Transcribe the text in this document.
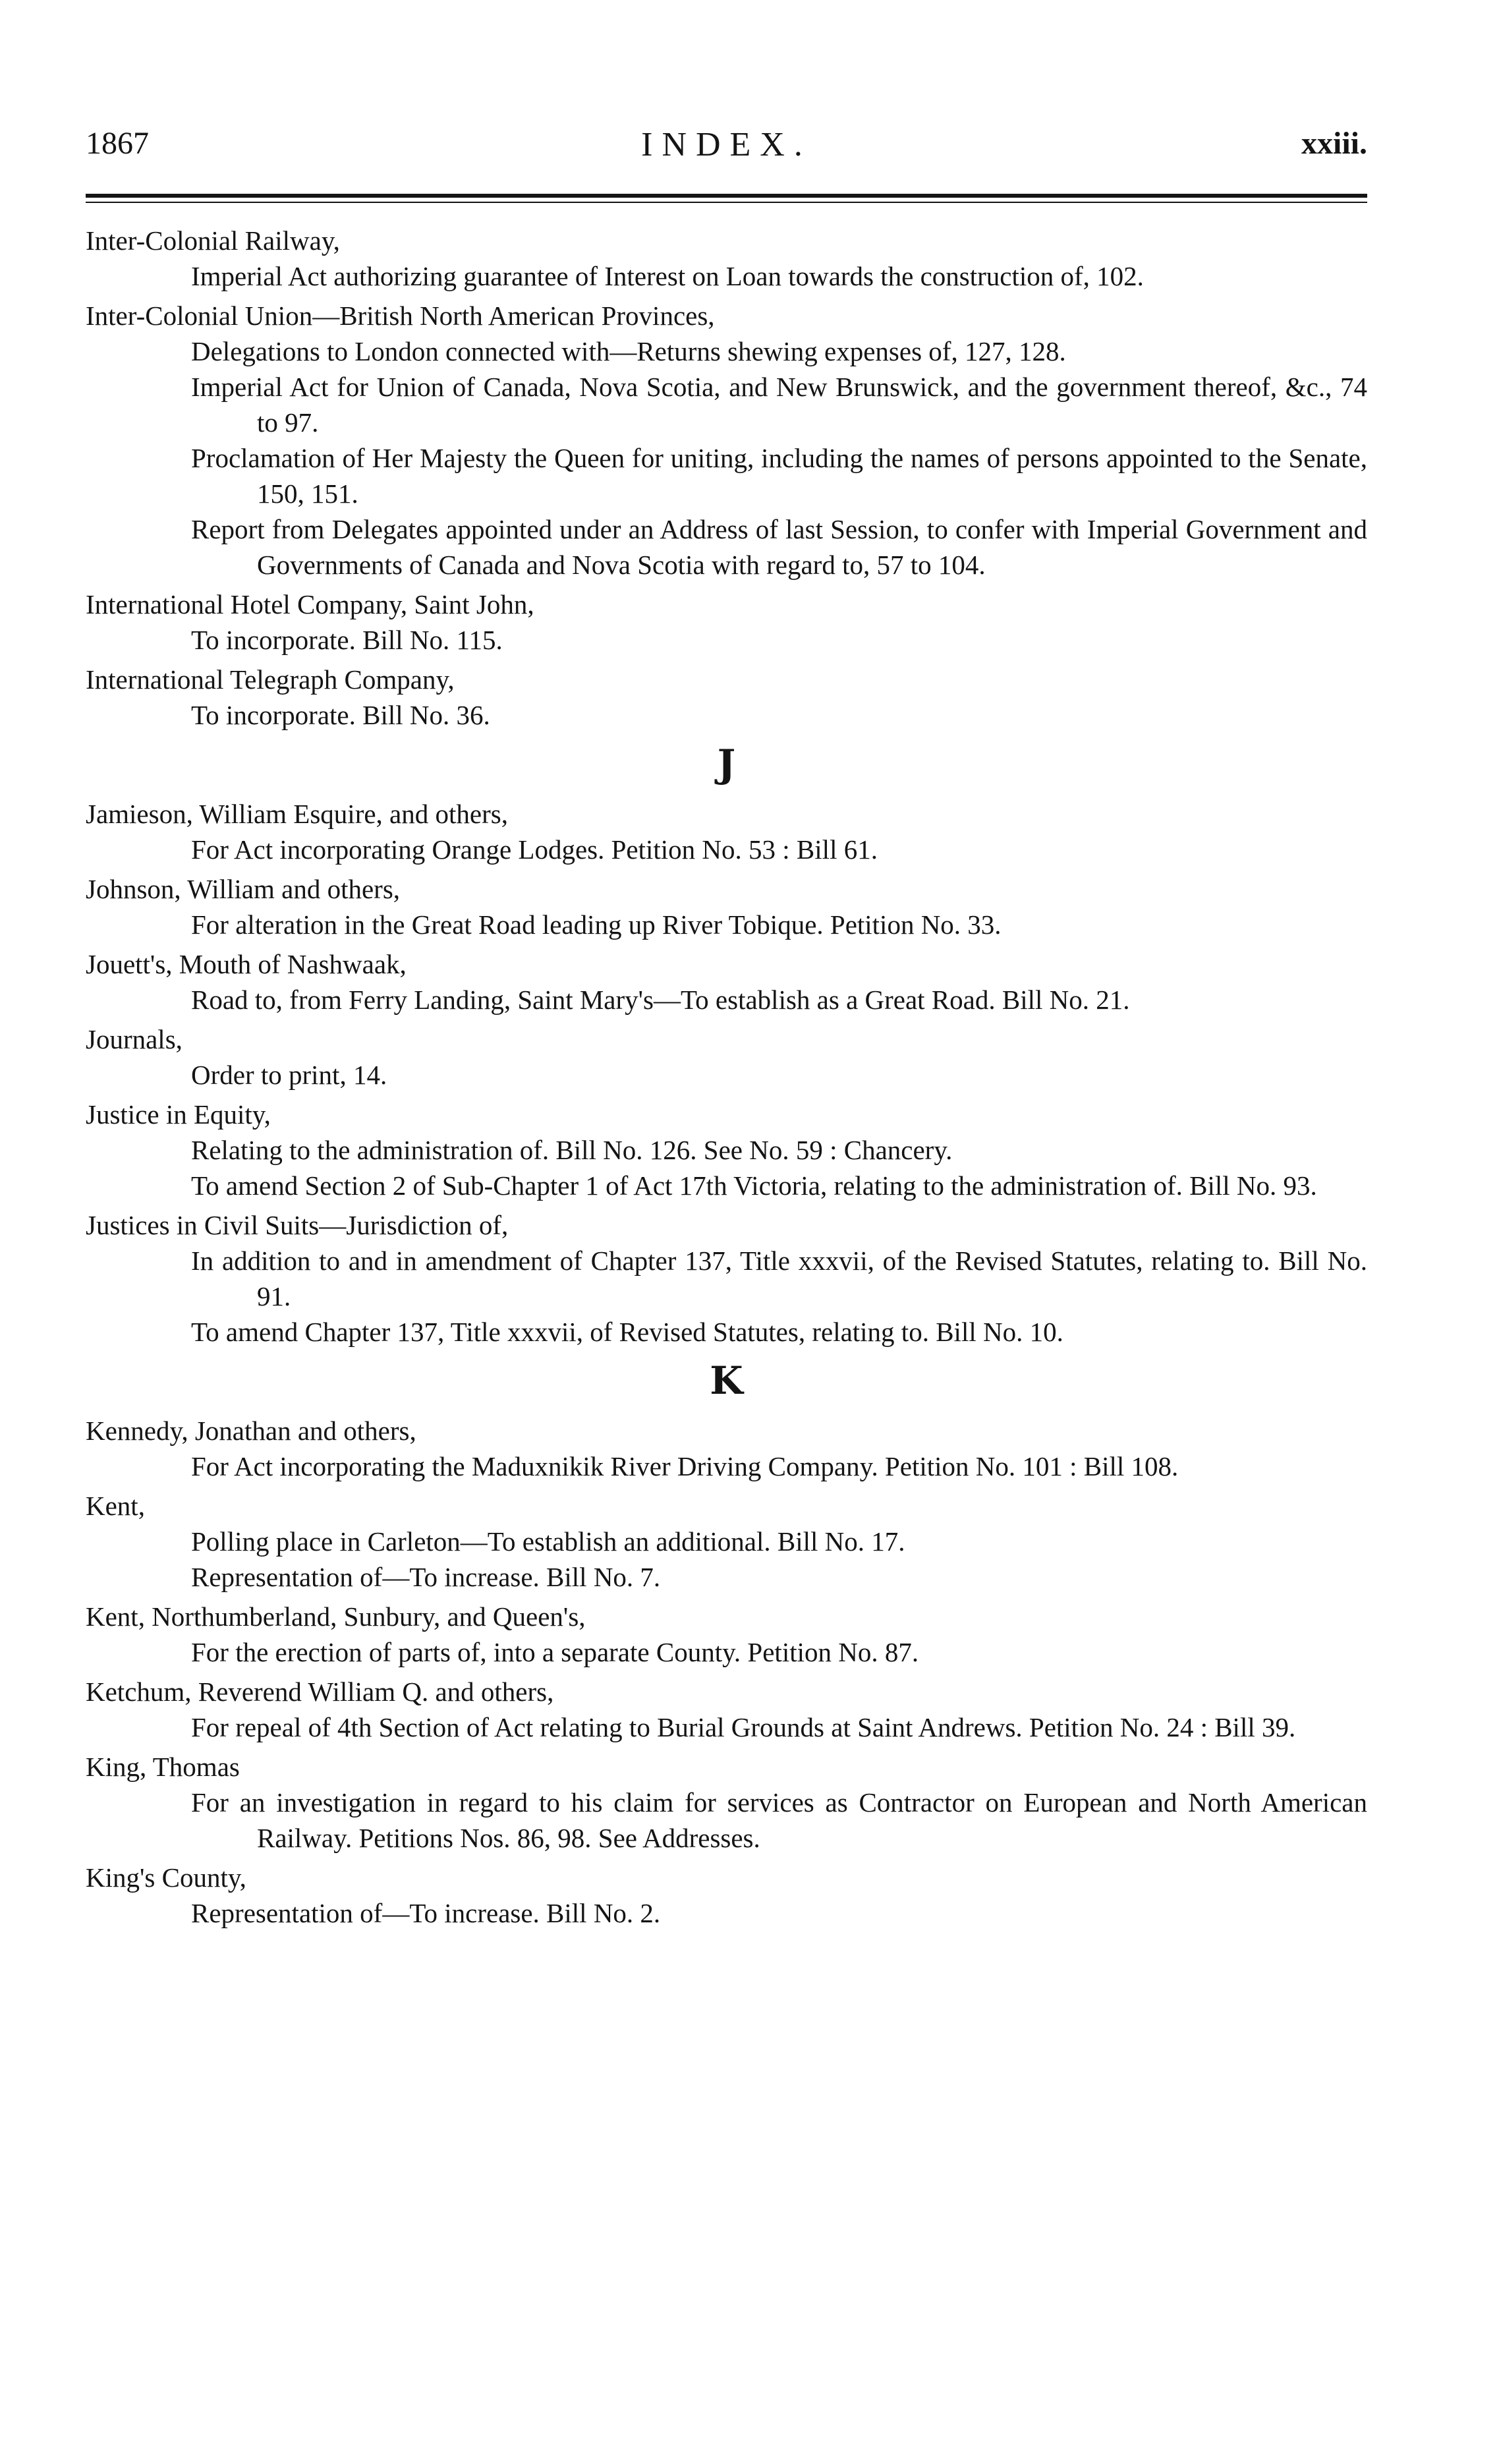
1867	INDEX.	xxiii.
Inter-Colonial Railway,
Imperial Act authorizing guarantee of Interest on Loan towards the construction of, 102.
Inter-Colonial Union—British North American Provinces,
Delegations to London connected with—Returns shewing expenses of, 127, 128.
Imperial Act for Union of Canada, Nova Scotia, and New Brunswick, and the government thereof, &c., 74 to 97.
Proclamation of Her Majesty the Queen for uniting, including the names of persons appointed to the Senate, 150, 151.
Report from Delegates appointed under an Address of last Session, to confer with Imperial Government and Governments of Canada and Nova Scotia with regard to, 57 to 104.
International Hotel Company, Saint John,
To incorporate. Bill No. 115.
International Telegraph Company,
To incorporate. Bill No. 36.
J
Jamieson, William Esquire, and others,
For Act incorporating Orange Lodges. Petition No. 53 : Bill 61.
Johnson, William and others,
For alteration in the Great Road leading up River Tobique. Petition No. 33.
Jouett's, Mouth of Nashwaak,
Road to, from Ferry Landing, Saint Mary's—To establish as a Great Road. Bill No. 21.
Journals,
Order to print, 14.
Justice in Equity,
Relating to the administration of. Bill No. 126. See No. 59 : Chancery.
To amend Section 2 of Sub-Chapter 1 of Act 17th Victoria, relating to the administration of. Bill No. 93.
Justices in Civil Suits—Jurisdiction of,
In addition to and in amendment of Chapter 137, Title xxxvii, of the Revised Statutes, relating to. Bill No. 91.
To amend Chapter 137, Title xxxvii, of Revised Statutes, relating to. Bill No. 10.
K
Kennedy, Jonathan and others,
For Act incorporating the Maduxnikik River Driving Company. Petition No. 101 : Bill 108.
Kent,
Polling place in Carleton—To establish an additional. Bill No. 17.
Representation of—To increase. Bill No. 7.
Kent, Northumberland, Sunbury, and Queen's,
For the erection of parts of, into a separate County. Petition No. 87.
Ketchum, Reverend William Q. and others,
For repeal of 4th Section of Act relating to Burial Grounds at Saint Andrews. Petition No. 24 : Bill 39.
King, Thomas
For an investigation in regard to his claim for services as Contractor on European and North American Railway. Petitions Nos. 86, 98. See Addresses.
King's County,
Representation of—To increase. Bill No. 2.
